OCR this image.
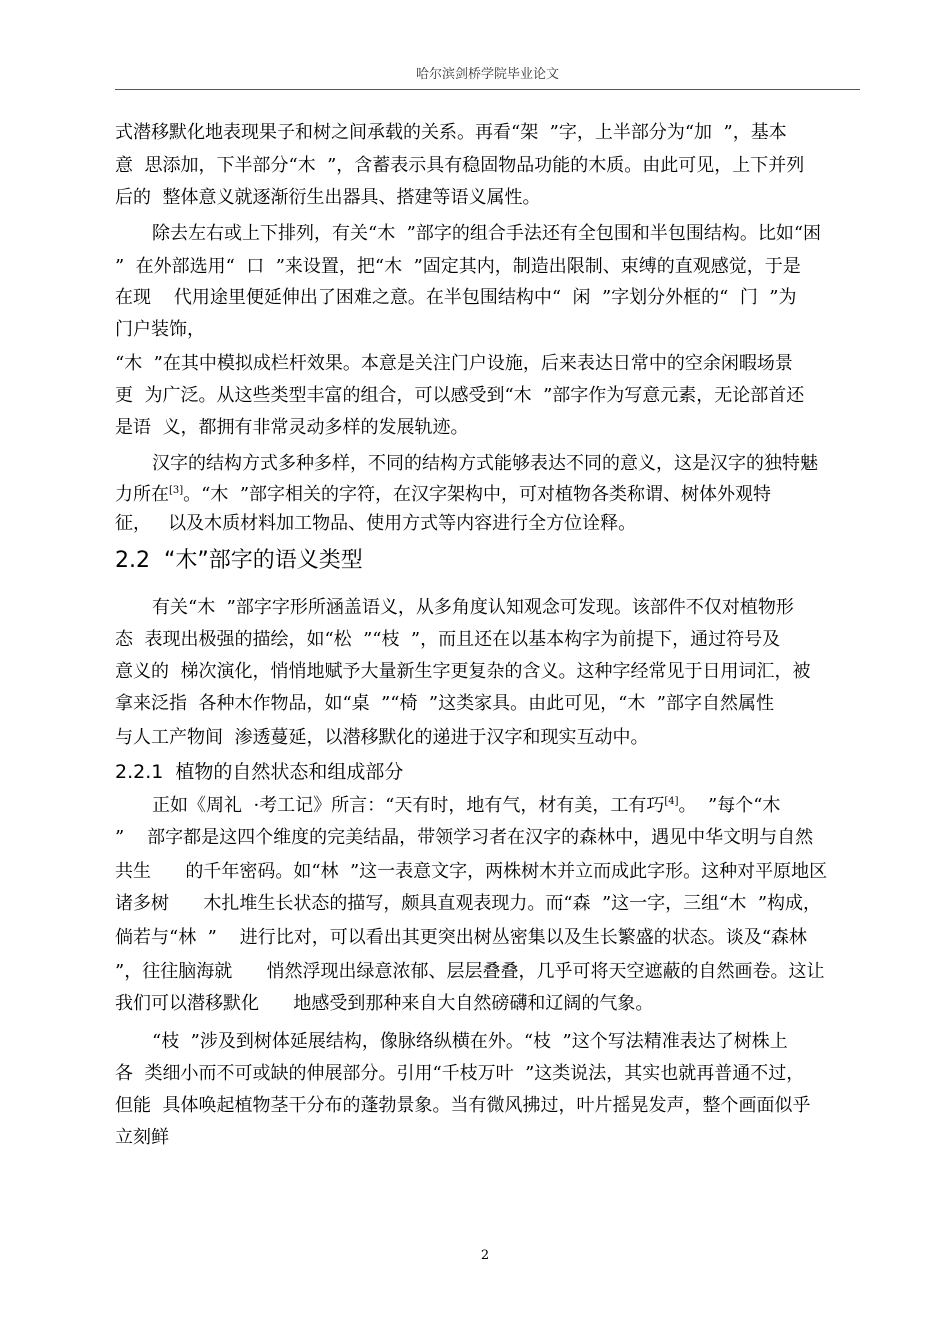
哈尔滨剑桥学院毕业论文
式潜移默化地表现果子和树之间承载的关系。再看“架  ”字，上半部分为“加  ”，基本
意  思添加，下半部分“木  ”，含蓄表示具有稳固物品功能的木质。由此可见，上下并列
后的  整体意义就逐渐衍生出器具、搭建等语义属性。
除去左右或上下排列，有关“木  ”部字的组合手法还有全包围和半包围结构。比如“困
”  在外部选用“  口  ”来设置，把“木  ”固定其内，制造出限制、束缚的直观感觉，于是
在现    代用途里便延伸出了困难之意。在半包围结构中“  闲  ”字划分外框的“  门  ”为
门户装饰，
“木  ”在其中模拟成栏杆效果。本意是关注门户设施，后来表达日常中的空余闲暇场景
更  为广泛。从这些类型丰富的组合，可以感受到“木  ”部字作为写意元素，无论部首还
是语  义，都拥有非常灵动多样的发展轨迹。
汉字的结构方式多种多样，不同的结构方式能够表达不同的意义，这是汉字的独特魅
力所在[3]。“木  ”部字相关的字符，在汉字架构中，可对植物各类称谓、树体外观特
征，   以及木质材料加工物品、使用方式等内容进行全方位诠释。
2.2  “木”部字的语义类型
有关“木  ”部字字形所涵盖语义，从多角度认知观念可发现。该部件不仅对植物形
态  表现出极强的描绘，如“松  ”“枝  ”，而且还在以基本构字为前提下，通过符号及
意义的  梯次演化，悄悄地赋予大量新生字更复杂的含义。这种字经常见于日用词汇，被
拿来泛指  各种木作物品，如“桌  ”“椅  ”这类家具。由此可见，“木  ”部字自然属性
与人工产物间  渗透蔓延，以潜移默化的递进于汉字和现实互动中。
2.2.1  植物的自然状态和组成部分
正如《周礼  ·考工记》所言：“天有时，地有气，材有美，工有巧[4]。  ”每个“木
”    部字都是这四个维度的完美结晶，带领学习者在汉字的森林中，遇见中华文明与自然
共生      的千年密码。如“林  ”这一表意文字，两株树木并立而成此字形。这种对平原地区
诸多树      木扎堆生长状态的描写，颇具直观表现力。而“森  ”这一字，三组“木  ”构成，
倘若与“林  ”    进行比对，可以看出其更突出树丛密集以及生长繁盛的状态。谈及“森林
”，往往脑海就      悄然浮现出绿意浓郁、层层叠叠，几乎可将天空遮蔽的自然画卷。这让
我们可以潜移默化      地感受到那种来自大自然磅礴和辽阔的气象。
“枝  ”涉及到树体延展结构，像脉络纵横在外。“枝  ”这个写法精准表达了树株上
各  类细小而不可或缺的伸展部分。引用“千枝万叶  ”这类说法，其实也就再普通不过，
但能  具体唤起植物茎干分布的蓬勃景象。当有微风拂过，叶片摇晃发声，整个画面似乎
立刻鲜
2
